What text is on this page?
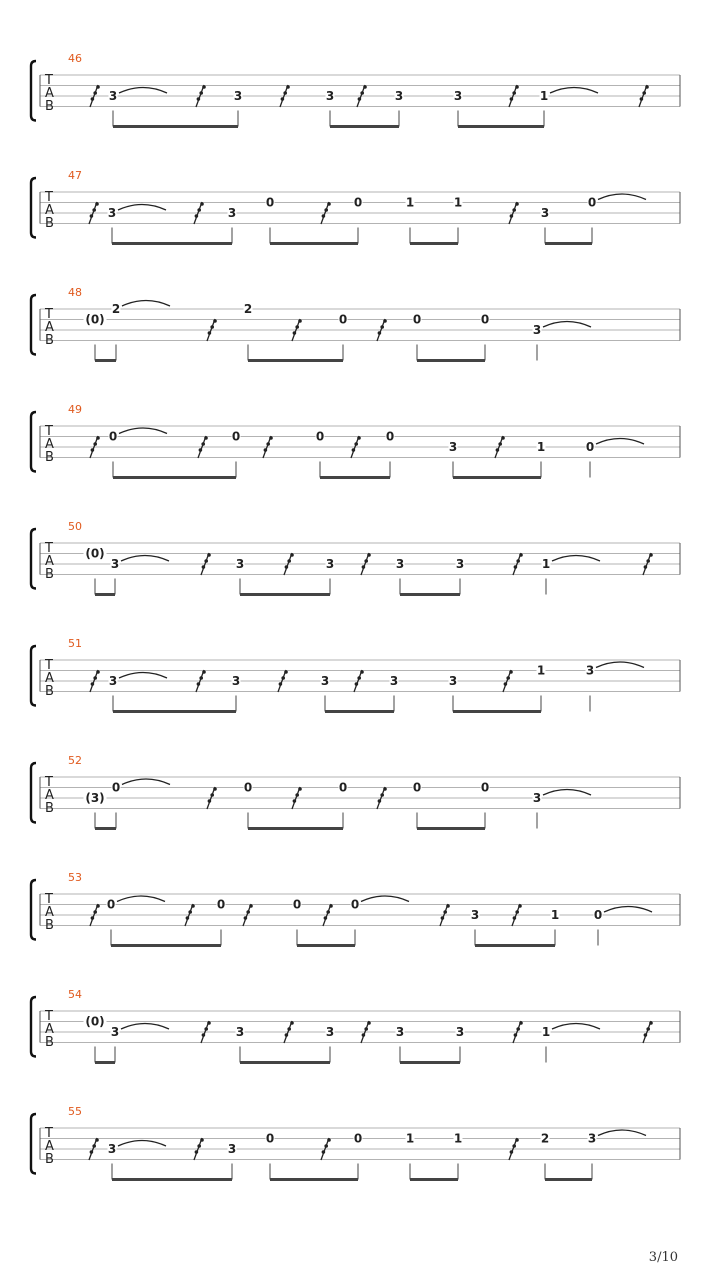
46
T
A
B
3	3	3	3	3	1
47
T
A
B
3	3
0	0	1	1
3
0
48
T
A
B
(0)
2	2
0	0	0
3
49
T
A
B
0	0	0	0
3	1	0
50
T
A
B
(0)
3	3	3	3	3	1
51
T
A
B
3	3	3	3	3
1	3
52
T
A
B
(3)
0	0	0	0	0
3
53
T
A
B
0	0	0	0
3	1	0
54
T
A
B
(0)
3	3	3	3	3	1
55
T
A
B
3	3
0	0	1	1	2	3
3/10
